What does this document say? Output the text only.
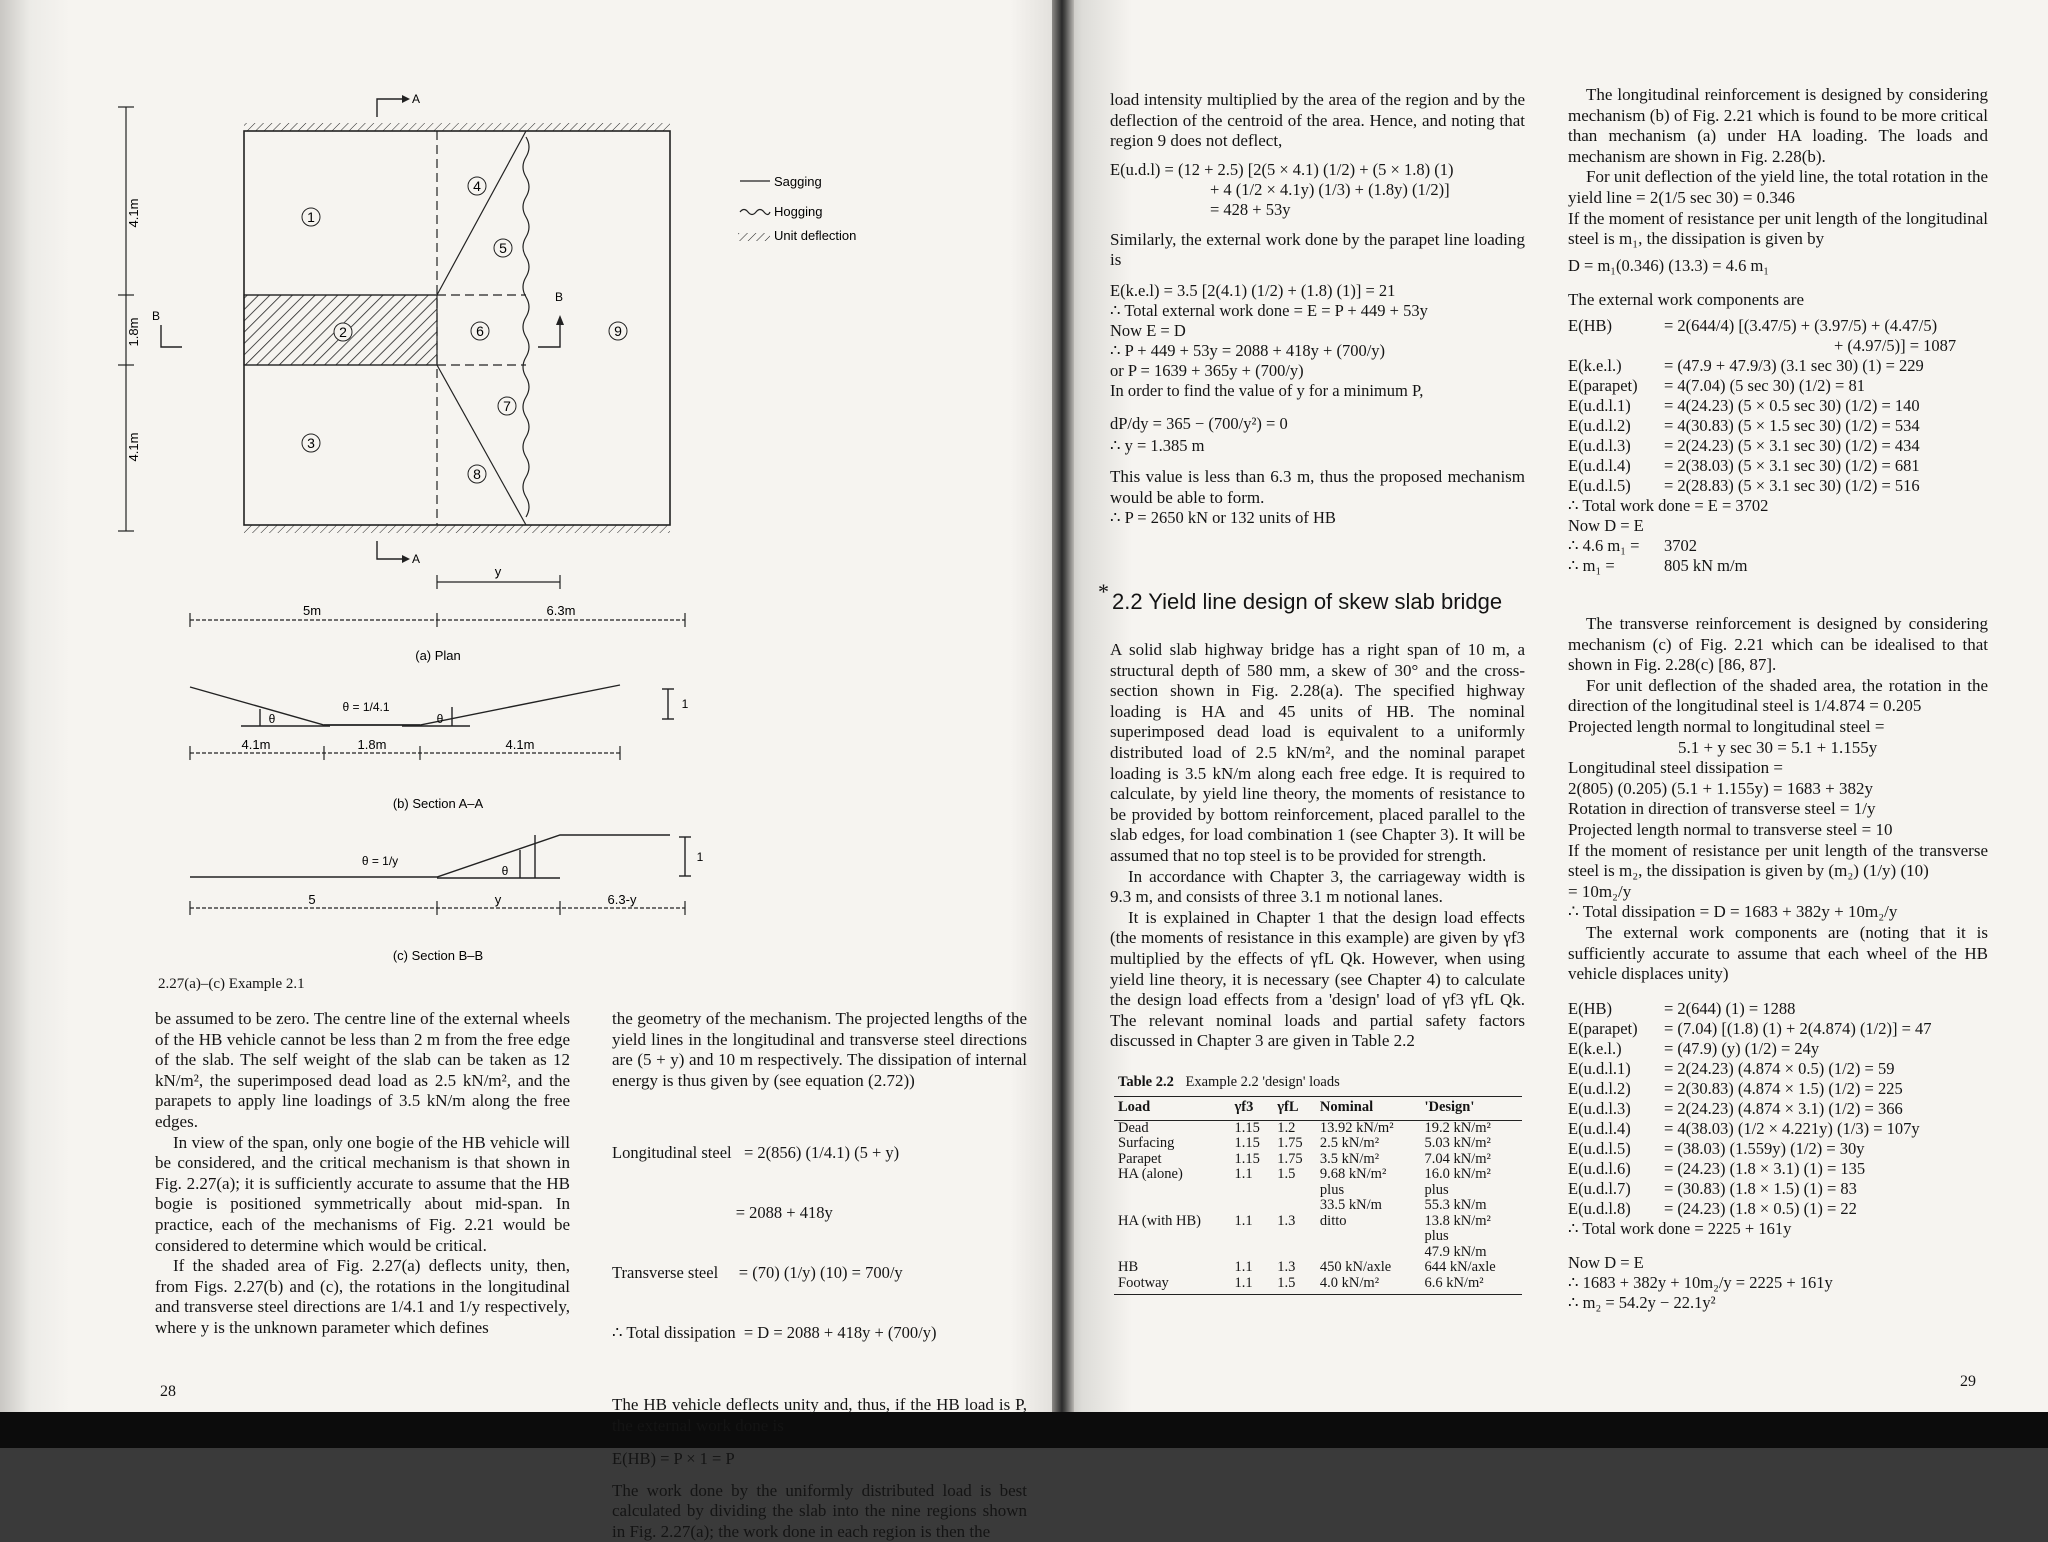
1
2
3
4
5
6
7
8
9
A
A
B
B
4.1m
1.8m
4.1m
Sagging
Hogging
Unit deflection
y
5m	6.3m
(a) Plan
θ = 1/4.1
θ	θ
1
4.1m	1.8m	4.1m
(b) Section A–A
θ = 1/y
θ
1
5	y	6.3-y
(c) Section B–B
2.27(a)–(c) Example 2.1
be assumed to be zero. The centre line of the external wheels of the HB vehicle cannot be less than 2 m from the free edge of the slab. The self weight of the slab can be taken as 12 kN/m², the superimposed dead load as 2.5 kN/m², and the parapets to apply line loadings of 3.5 kN/m along the free edges.
In view of the span, only one bogie of the HB vehicle will be considered, and the critical mechanism is that shown in Fig. 2.27(a); it is sufficiently accurate to assume that the HB bogie is positioned symmetrically about mid-span. In practice, each of the mechanisms of Fig. 2.21 would be considered to determine which would be critical.
If the shaded area of Fig. 2.27(a) deflects unity, then, from Figs. 2.27(b) and (c), the rotations in the longitudinal and transverse steel directions are 1/4.1 and 1/y respectively, where y is the unknown parameter which defines
the geometry of the mechanism. The projected lengths of the yield lines in the longitudinal and transverse steel directions are (5 + y) and 10 m respectively. The dissipation of internal energy is thus given by (see equation (2.72))

Longitudinal steel   = 2(856) (1/4.1) (5 + y)

= 2088 + 418y

Transverse steel     = (70) (1/y) (10) = 700/y

∴ Total dissipation  = D = 2088 + 418y + (700/y)

The HB vehicle deflects unity and, thus, if the HB load is P, the external work done is
E(HB) = P × 1 = P
The work done by the uniformly distributed load is best calculated by dividing the slab into the nine regions shown in Fig. 2.27(a); the work done in each region is then the
28
load intensity multiplied by the area of the region and by the deflection of the centroid of the area. Hence, and noting that region 9 does not deflect,
E(u.d.l) = (12 + 2.5) [2(5 × 4.1) (1/2) + (5 × 1.8) (1)
+ 4 (1/2 × 4.1y) (1/3) + (1.8y) (1/2)]
= 428 + 53y
Similarly, the external work done by the parapet line loading is
E(k.e.l) = 3.5 [2(4.1) (1/2) + (1.8) (1)] = 21
∴ Total external work done = E = P + 449 + 53y
Now E = D
∴ P + 449 + 53y = 2088 + 418y + (700/y)
or P = 1639 + 365y + (700/y)
In order to find the value of y for a minimum P,
dP/dy = 365 − (700/y²) = 0
∴ y = 1.385 m
This value is less than 6.3 m, thus the proposed mechanism would be able to form.
∴ P = 2650 kN or 132 units of HB
* 2.2 Yield line design of skew slab bridge
A solid slab highway bridge has a right span of 10 m, a structural depth of 580 mm, a skew of 30° and the cross-section shown in Fig. 2.28(a). The specified highway loading is HA and 45 units of HB. The nominal superimposed dead load is equivalent to a uniformly distributed load of 2.5 kN/m², and the nominal parapet loading is 3.5 kN/m along each free edge. It is required to calculate, by yield line theory, the moments of resistance to be provided by bottom reinforcement, placed parallel to the slab edges, for load combination 1 (see Chapter 3). It will be assumed that no top steel is to be provided for strength.
In accordance with Chapter 3, the carriageway width is 9.3 m, and consists of three 3.1 m notional lanes.
It is explained in Chapter 1 that the design load effects (the moments of resistance in this example) are given by γf3 multiplied by the effects of γfL Qk. However, when using yield line theory, it is necessary (see Chapter 4) to calculate the design load effects from a 'design' load of γf3 γfL Qk. The relevant nominal loads and partial safety factors discussed in Chapter 3 are given in Table 2.2
Table 2.2 Example 2.2 'design' loads
Load	γf3	γfL	Nominal	'Design'
Dead	1.15	1.2	13.92 kN/m²	19.2 kN/m²
Surfacing	1.15	1.75	2.5 kN/m²	5.03 kN/m²
Parapet	1.15	1.75	3.5 kN/m²	7.04 kN/m²
HA (alone)	1.1	1.5	9.68 kN/m²	16.0 kN/m²
			plus	plus
			33.5 kN/m	55.3 kN/m
HA (with HB)	1.1	1.3	ditto	13.8 kN/m²
				plus
				47.9 kN/m
HB	1.1	1.3	450 kN/axle	644 kN/axle
Footway	1.1	1.5	4.0 kN/m²	6.6 kN/m²
The longitudinal reinforcement is designed by considering mechanism (b) of Fig. 2.21 which is found to be more critical than mechanism (a) under HA loading. The loads and mechanism are shown in Fig. 2.28(b).
For unit deflection of the yield line, the total rotation in the yield line = 2(1/5 sec 30) = 0.346
If the moment of resistance per unit length of the longitudinal steel is m₁, the dissipation is given by
D = m₁(0.346) (13.3) = 4.6 m₁
The external work components are
E(HB)	= 2(644/4) [(3.47/5) + (3.97/5) + (4.47/5)
+ (4.97/5)] = 1087
E(k.e.l.)	= (47.9 + 47.9/3) (3.1 sec 30) (1) = 229
E(parapet) = 4(7.04) (5 sec 30) (1/2) = 81
E(u.d.l.1) = 4(24.23) (5 × 0.5 sec 30) (1/2) = 140
E(u.d.l.2) = 4(30.83) (5 × 1.5 sec 30) (1/2) = 534
E(u.d.l.3) = 2(24.23) (5 × 3.1 sec 30) (1/2) = 434
E(u.d.l.4) = 2(38.03) (5 × 3.1 sec 30) (1/2) = 681
E(u.d.l.5) = 2(28.83) (5 × 3.1 sec 30) (1/2) = 516
∴ Total work done = E = 3702
Now D = E
∴ 4.6 m₁ = 3702
∴ m₁ =	805 kN m/m
The transverse reinforcement is designed by considering mechanism (c) of Fig. 2.21 which can be idealised to that shown in Fig. 2.28(c) [86, 87].
For unit deflection of the shaded area, the rotation in the direction of the longitudinal steel is 1/4.874 = 0.205
Projected length normal to longitudinal steel =
5.1 + y sec 30 = 5.1 + 1.155y
Longitudinal steel dissipation =
2(805) (0.205) (5.1 + 1.155y) = 1683 + 382y
Rotation in direction of transverse steel = 1/y
Projected length normal to transverse steel = 10
If the moment of resistance per unit length of the transverse steel is m₂, the dissipation is given by (m₂) (1/y) (10)
= 10m₂/y
∴ Total dissipation = D = 1683 + 382y + 10m₂/y
The external work components are (noting that it is sufficiently accurate to assume that each wheel of the HB vehicle displaces unity)
E(HB)	= 2(644) (1) = 1288
E(parapet) = (7.04) [(1.8) (1) + 2(4.874) (1/2)] = 47
E(k.e.l.)	= (47.9) (y) (1/2) = 24y
E(u.d.l.1) = 2(24.23) (4.874 × 0.5) (1/2) = 59
E(u.d.l.2) = 2(30.83) (4.874 × 1.5) (1/2) = 225
E(u.d.l.3) = 2(24.23) (4.874 × 3.1) (1/2) = 366
E(u.d.l.4) = 4(38.03) (1/2 × 4.221y) (1/3) = 107y
E(u.d.l.5) = (38.03) (1.559y) (1/2) = 30y
E(u.d.l.6) = (24.23) (1.8 × 3.1) (1) = 135
E(u.d.l.7) = (30.83) (1.8 × 1.5) (1) = 83
E(u.d.l.8) = (24.23) (1.8 × 0.5) (1) = 22
∴ Total work done = 2225 + 161y
Now D = E
∴ 1683 + 382y + 10m₂/y = 2225 + 161y
∴ m₂ = 54.2y − 22.1y²
29
